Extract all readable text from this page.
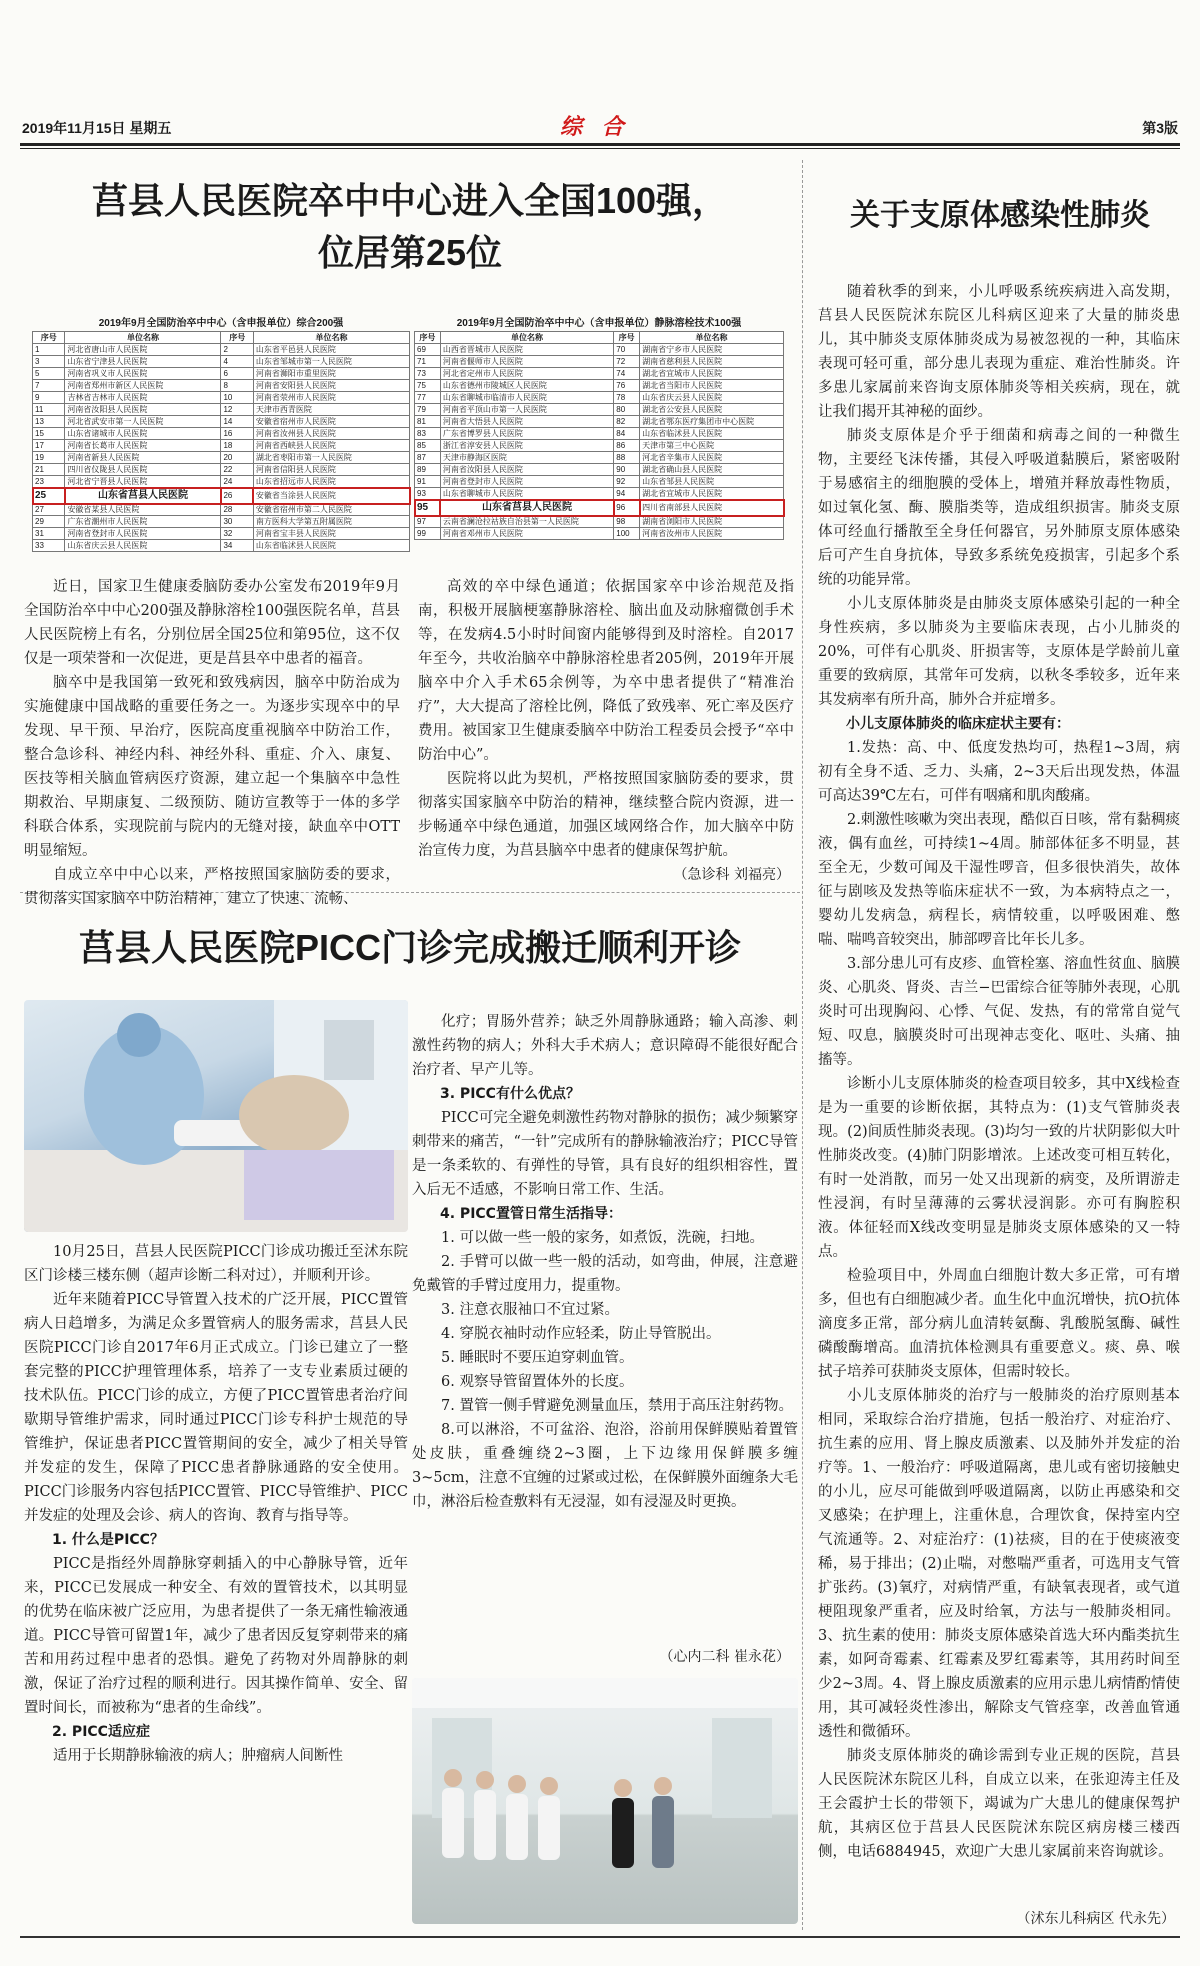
2019年11月15日 星期五	综 合	第3版
莒县人民医院卒中中心进入全国100强，
位居第25位
2019年9月全国防治卒中中心（含申报单位）综合200强
序号	单位名称	序号	单位名称
1	河北省唐山市人民医院	2	山东省平邑县人民医院
3	山东省宁津县人民医院	4	山东省邹城市第一人民医院
5	河南省巩义市人民医院	6	河南省浉阳市重里医院
7	河南省郑州市新区人民医院	8	河南省安阳县人民医院
9	吉林省吉林市人民医院	10	河南省荥州市人民医院
11	河南省汝阳县人民医院	12	天津市西青医院
13	河北省武安市第一人民医院	14	安徽省宿州市人民医院
15	山东省诸城市人民医院	16	河南省汝州县人民医院
17	河南省长葛市人民医院	18	河南省西峡县人民医院
19	河南省新县人民医院	20	湖北省枣阳市第一人民医院
21	四川省仪陇县人民医院	22	河南省信阳县人民医院
23	河北省宁晋县人民医院	24	山东省招远市人民医院
25	山东省莒县人民医院	26	安徽省当涂县人民医院
27	安徽省某县人民医院	28	安徽省宿州市第二人民医院
29	广东省潮州市人民医院	30	南方医科大学第五附属医院
31	河南省登封市人民医院	32	河南省宝丰县人民医院
33	山东省庆云县人民医院	34	山东省临沭县人民医院
2019年9月全国防治卒中中心（含申报单位）静脉溶栓技术100强
序号	单位名称	序号	单位名称
69	山西省晋城市人民医院	70	湖南省宁乡市人民医院
71	河南省偃师市人民医院	72	湖南省慈利县人民医院
73	河北省定州市人民医院	74	湖北省宜城市人民医院
75	山东省德州市陵城区人民医院	76	湖北省当阳市人民医院
77	山东省聊城市临清市人民医院	78	山东省庆云县人民医院
79	河南省平顶山市第一人民医院	80	湖北省公安县人民医院
81	河南省大悟县人民医院	82	湖北省鄂东医疗集团市中心医院
83	广东省博罗县人民医院	84	山东省临沭县人民医院
85	浙江省淳安县人民医院	86	天津市第三中心医院
87	天津市静海区医院	88	河北省辛集市人民医院
89	河南省汝阳县人民医院	90	湖北省确山县人民医院
91	河南省登封市人民医院	92	山东省邹县人民医院
93	山东省聊城市人民医院	94	湖北省宜城市人民医院
95	山东省莒县人民医院	96	四川省南部县人民医院
97	云南省澜沧拉祜族自治县第一人民医院	98	湖南省浏阳市人民医院
99	河南省邓州市人民医院	100	河南省汝州市人民医院

近日，国家卫生健康委脑防委办公室发布2019年9月全国防治卒中中心200强及静脉溶栓100强医院名单，莒县人民医院榜上有名，分别位居全国25位和第95位，这不仅仅是一项荣誉和一次促进，更是莒县卒中患者的福音。

脑卒中是我国第一致死和致残病因，脑卒中防治成为实施健康中国战略的重要任务之一。为逐步实现卒中的早发现、早干预、早治疗，医院高度重视脑卒中防治工作，整合急诊科、神经内科、神经外科、重症、介入、康复、医技等相关脑血管病医疗资源，建立起一个集脑卒中急性期救治、早期康复、二级预防、随访宣教等于一体的多学科联合体系，实现院前与院内的无缝对接，缺血卒中OTT明显缩短。

自成立卒中中心以来，严格按照国家脑防委的要求，贯彻落实国家脑卒中防治精神，建立了快速、流畅、

高效的卒中绿色通道；依据国家卒中诊治规范及指南，积极开展脑梗塞静脉溶栓、脑出血及动脉瘤微创手术等，在发病4.5小时时间窗内能够得到及时溶栓。自2017年至今，共收治脑卒中静脉溶栓患者205例，2019年开展脑卒中介入手术65余例等，为卒中患者提供了“精准治疗”，大大提高了溶栓比例，降低了致残率、死亡率及医疗费用。被国家卫生健康委脑卒中防治工程委员会授予“卒中防治中心”。

医院将以此为契机，严格按照国家脑防委的要求，贯彻落实国家脑卒中防治的精神，继续整合院内资源，进一步畅通卒中绿色通道，加强区域网络合作，加大脑卒中防治宣传力度，为莒县脑卒中患者的健康保驾护航。

（急诊科 刘福亮）
莒县人民医院PICC门诊完成搬迁顺利开诊

10月25日，莒县人民医院PICC门诊成功搬迁至沭东院区门诊楼三楼东侧（超声诊断二科对过），并顺利开诊。

近年来随着PICC导管置入技术的广泛开展，PICC置管病人日趋增多，为满足众多置管病人的服务需求，莒县人民医院PICC门诊自2017年6月正式成立。门诊已建立了一整套完整的PICC护理管理体系，培养了一支专业素质过硬的技术队伍。PICC门诊的成立，方便了PICC置管患者治疗间歇期导管维护需求，同时通过PICC门诊专科护士规范的导管维护，保证患者PICC置管期间的安全，减少了相关导管并发症的发生，保障了PICC患者静脉通路的安全使用。PICC门诊服务内容包括PICC置管、PICC导管维护、PICC并发症的处理及会诊、病人的咨询、教育与指导等。

1. 什么是PICC？

PICC是指经外周静脉穿刺插入的中心静脉导管，近年来，PICC已发展成一种安全、有效的置管技术，以其明显的优势在临床被广泛应用，为患者提供了一条无痛性输液通道。PICC导管可留置1年，减少了患者因反复穿刺带来的痛苦和用药过程中患者的恐惧。避免了药物对外周静脉的刺激，保证了治疗过程的顺利进行。因其操作简单、安全、留置时间长，而被称为“患者的生命线”。

2. PICC适应症

适用于长期静脉输液的病人；肿瘤病人间断性

化疗；胃肠外营养；缺乏外周静脉通路；输入高渗、刺激性药物的病人；外科大手术病人；意识障碍不能很好配合治疗者、早产儿等。

3. PICC有什么优点？

PICC可完全避免刺激性药物对静脉的损伤；减少频繁穿刺带来的痛苦，“一针”完成所有的静脉输液治疗；PICC导管是一条柔软的、有弹性的导管，具有良好的组织相容性，置入后无不适感，不影响日常工作、生活。

4. PICC置管日常生活指导：

1. 可以做一些一般的家务，如煮饭，洗碗，扫地。

2. 手臂可以做一些一般的活动，如弯曲，伸展，注意避免戴管的手臂过度用力，提重物。

3. 注意衣服袖口不宜过紧。

4. 穿脱衣袖时动作应轻柔，防止导管脱出。

5. 睡眠时不要压迫穿刺血管。

6. 观察导管留置体外的长度。

7. 置管一侧手臂避免测量血压，禁用于高压注射药物。

8.可以淋浴，不可盆浴、泡浴，浴前用保鲜膜贴着置管处皮肤，重叠缠绕2~3圈，上下边缘用保鲜膜多缠3~5cm，注意不宜缠的过紧或过松，在保鲜膜外面缠条大毛巾，淋浴后检查敷料有无浸湿，如有浸湿及时更换。

（心内二科 崔永花）
关于支原体感染性肺炎

随着秋季的到来，小儿呼吸系统疾病进入高发期，莒县人民医院沭东院区儿科病区迎来了大量的肺炎患儿，其中肺炎支原体肺炎成为易被忽视的一种，其临床表现可轻可重，部分患儿表现为重症、难治性肺炎。许多患儿家属前来咨询支原体肺炎等相关疾病，现在，就让我们揭开其神秘的面纱。

肺炎支原体是介乎于细菌和病毒之间的一种微生物，主要经飞沫传播，其侵入呼吸道黏膜后，紧密吸附于易感宿主的细胞膜的受体上，增殖并释放毒性物质，如过氧化氢、酶、膜脂类等，造成组织损害。肺炎支原体可经血行播散至全身任何器官，另外肺原支原体感染后可产生自身抗体，导致多系统免疫损害，引起多个系统的功能异常。

小儿支原体肺炎是由肺炎支原体感染引起的一种全身性疾病，多以肺炎为主要临床表现，占小儿肺炎的20%，可伴有心肌炎、肝损害等，支原体是学龄前儿童重要的致病原，其常年可发病，以秋冬季较多，近年来其发病率有所升高，肺外合并症增多。

小儿支原体肺炎的临床症状主要有：

1.发热：高、中、低度发热均可，热程1~3周，病初有全身不适、乏力、头痛，2~3天后出现发热，体温可高达39℃左右，可伴有咽痛和肌肉酸痛。

2.刺激性咳嗽为突出表现，酷似百日咳，常有黏稠痰液，偶有血丝，可持续1~4周。肺部体征多不明显，甚至全无，少数可闻及干湿性啰音，但多很快消失，故体征与剧咳及发热等临床症状不一致，为本病特点之一，婴幼儿发病急，病程长，病情较重，以呼吸困难、憋喘、喘鸣音较突出，肺部啰音比年长儿多。

3.部分患儿可有皮疹、血管栓塞、溶血性贫血、脑膜炎、心肌炎、肾炎、吉兰−巴雷综合征等肺外表现，心肌炎时可出现胸闷、心悸、气促、发热，有的常常自觉气短、叹息，脑膜炎时可出现神志变化、呕吐、头痛、抽搐等。

诊断小儿支原体肺炎的检查项目较多，其中X线检查是为一重要的诊断依据，其特点为：(1)支气管肺炎表现。(2)间质性肺炎表现。(3)均匀一致的片状阴影似大叶性肺炎改变。(4)肺门阴影增浓。上述改变可相互转化，有时一处消散，而另一处又出现新的病变，及所谓游走性浸润，有时呈薄薄的云雾状浸润影。亦可有胸腔积液。体征轻而X线改变明显是肺炎支原体感染的又一特点。

检验项目中，外周血白细胞计数大多正常，可有增多，但也有白细胞减少者。血生化中血沉增快，抗O抗体滴度多正常，部分病儿血清转氨酶、乳酸脱氢酶、碱性磷酸酶增高。血清抗体检测具有重要意义。痰、鼻、喉拭子培养可获肺炎支原体，但需时较长。

小儿支原体肺炎的治疗与一般肺炎的治疗原则基本相同，采取综合治疗措施，包括一般治疗、对症治疗、抗生素的应用、肾上腺皮质激素、以及肺外并发症的治疗等。1、一般治疗：呼吸道隔离，患儿或有密切接触史的小儿，应尽可能做到呼吸道隔离，以防止再感染和交叉感染；在护理上，注重休息，合理饮食，保持室内空气流通等。2、对症治疗：(1)祛痰，目的在于使痰液变稀，易于排出；(2)止喘，对憋喘严重者，可选用支气管扩张药。(3)氧疗，对病情严重，有缺氧表现者，或气道梗阻现象严重者，应及时给氧，方法与一般肺炎相同。3、抗生素的使用：肺炎支原体感染首选大环内酯类抗生素，如阿奇霉素、红霉素及罗红霉素等，其用药时间至少2~3周。4、肾上腺皮质激素的应用示患儿病情酌情使用，其可减轻炎性渗出，解除支气管痉挛，改善血管通透性和微循环。

肺炎支原体肺炎的确诊需到专业正规的医院，莒县人民医院沭东院区儿科，自成立以来，在张迎涛主任及王会霞护士长的带领下，竭诚为广大患儿的健康保驾护航，其病区位于莒县人民医院沭东院区病房楼三楼西侧，电话6884945，欢迎广大患儿家属前来咨询就诊。

（沭东儿科病区 代永先）
